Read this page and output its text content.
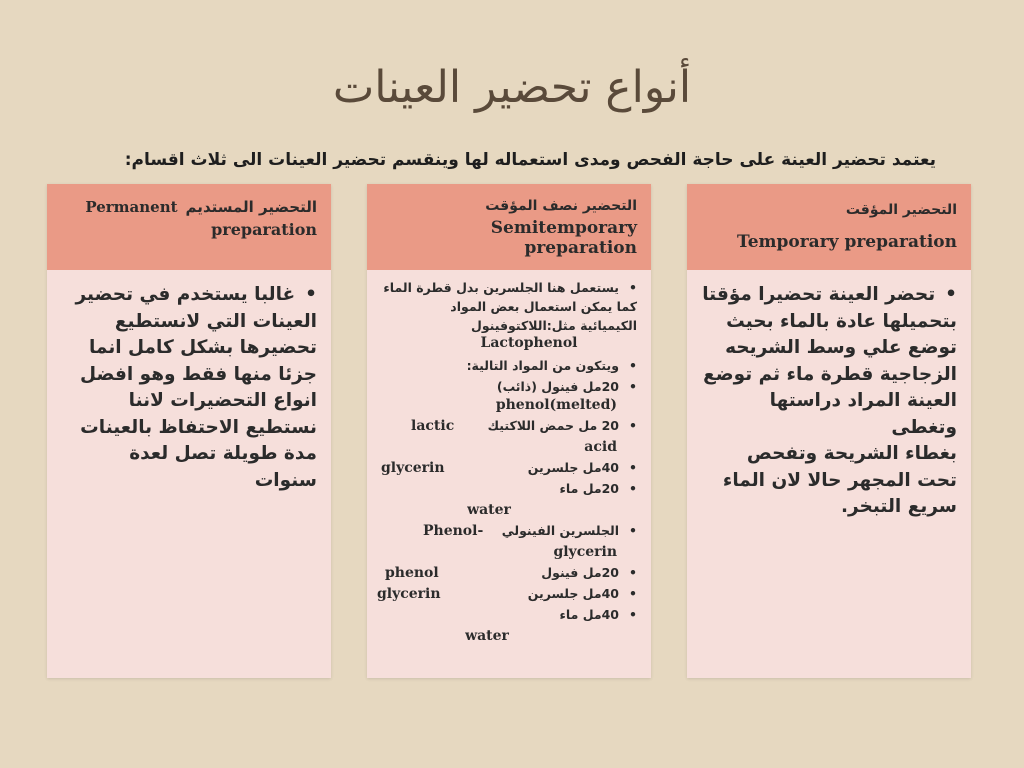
أنواع تحضير العينات

يعتمد تحضير العينة على حاجة الفحص ومدى استعماله لها وينقسم تحضير العينات الى ثلاث اقسام:

Permanent التحضير المستديم
preparation
•غالبا يستخدم في تحضير
العينات التي لانستطيع
تحضيرها بشكل كامل انما
جزئا منها فقط وهو افضل
انواع التحضيرات لاننا
نستطيع الاحتفاظ بالعينات
مدة طويلة تصل لعدة
سنوات
التحضير نصف المؤقت
Semitemporary preparation
•يستعمل هنا الجلسرين بدل قطرة الماء
كما يمكن استعمال بعض المواد
الكيميائية مثل:اللاكتوفينول
Lactophenol
•ويتكون من المواد التالية:
•20مل فينول (ذائب)
phenol(melted)
•20 مل حمض اللاكتيك
lactic
acid
•40مل جلسرين
glycerin
•20مل ماء
water
•الجلسرين الفينولي
Phenol-
glycerin
•20مل فينول
phenol
•40مل جلسرين
glycerin
•40مل ماء
water
التحضير المؤقت
Temporary preparation
•تحضر العينة تحضيرا مؤقتا
بتحميلها عادة بالماء بحيث
توضع علي وسط الشريحه
الزجاجية قطرة ماء ثم توضع
العينة المراد دراستها وتغطى
بغطاء الشريحة وتفحص
تحت المجهر حالا لان الماء
سريع التبخر.
